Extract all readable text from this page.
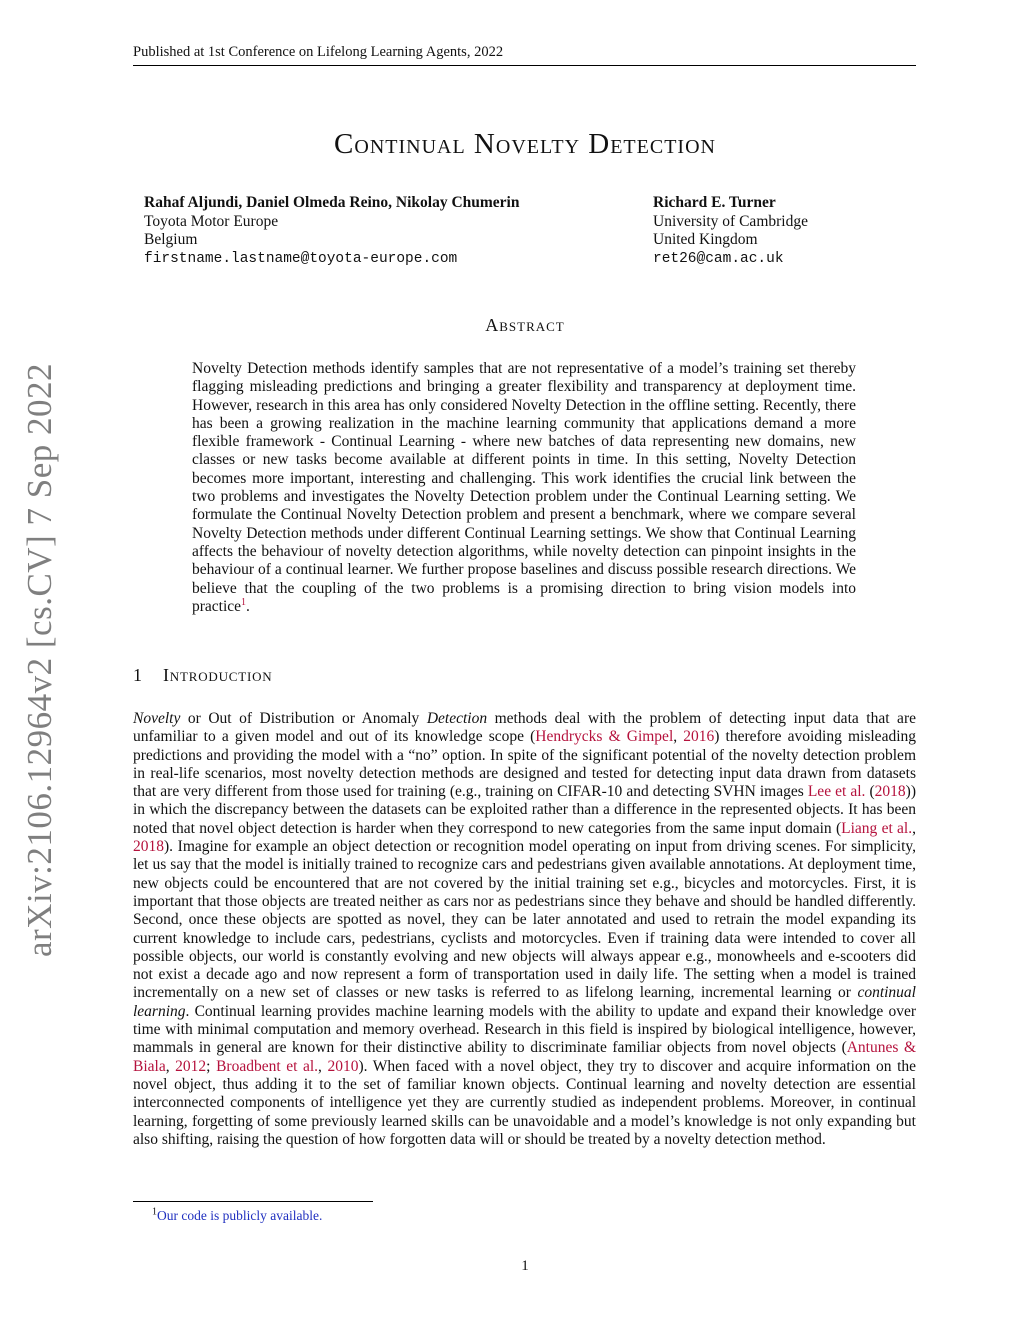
Published at 1st Conference on Lifelong Learning Agents, 2022
arXiv:2106.12964v2 [cs.CV] 7 Sep 2022
Continual Novelty Detection
Rahaf Aljundi, Daniel Olmeda Reino, Nikolay Chumerin
Toyota Motor Europe
Belgium
firstname.lastname@toyota-europe.com
Richard E. Turner
University of Cambridge
United Kingdom
ret26@cam.ac.uk
Abstract
Novelty Detection methods identify samples that are not representative of a model’s training set thereby flagging misleading predictions and bringing a greater flexibility and transparency at deployment time. However, research in this area has only considered Novelty Detection in the offline setting. Recently, there has been a growing realization in the machine learning community that applications demand a more flexible framework - Continual Learning - where new batches of data representing new domains, new classes or new tasks become available at different points in time. In this setting, Novelty Detection becomes more important, interesting and challenging. This work identifies the crucial link between the two problems and investigates the Novelty Detection problem under the Continual Learning setting. We formulate the Continual Novelty Detection problem and present a benchmark, where we compare several Novelty Detection methods under different Continual Learning settings. We show that Continual Learning affects the behaviour of novelty detection algorithms, while novelty detection can pinpoint insights in the behaviour of a continual learner. We further propose baselines and discuss possible research directions. We believe that the coupling of the two problems is a promising direction to bring vision models into practice$^1$.
1 Introduction
Novelty or Out of Distribution or Anomaly Detection methods deal with the problem of detecting input data that are unfamiliar to a given model and out of its knowledge scope (Hendrycks & Gimpel, 2016) therefore avoiding misleading predictions and providing the model with a “no” option. In spite of the significant potential of the novelty detection problem in real-life scenarios, most novelty detection methods are designed and tested for detecting input data drawn from datasets that are very different from those used for training (e.g., training on CIFAR-10 and detecting SVHN images Lee et al. (2018)) in which the discrepancy between the datasets can be exploited rather than a difference in the represented objects. It has been noted that novel object detection is harder when they correspond to new categories from the same input domain (Liang et al., 2018). Imagine for example an object detection or recognition model operating on input from driving scenes. For simplicity, let us say that the model is initially trained to recognize cars and pedestrians given available annotations. At deployment time, new objects could be encountered that are not covered by the initial training set e.g., bicycles and motorcycles. First, it is important that those objects are treated neither as cars nor as pedestrians since they behave and should be handled differently. Second, once these objects are spotted as novel, they can be later annotated and used to retrain the model expanding its current knowledge to include cars, pedestrians, cyclists and motorcycles. Even if training data were intended to cover all possible objects, our world is constantly evolving and new objects will always appear e.g., monowheels and e-scooters did not exist a decade ago and now represent a form of transportation used in daily life. The setting when a model is trained incrementally on a new set of classes or new tasks is referred to as lifelong learning, incremental learning or continual learning. Continual learning provides machine learning models with the ability to update and expand their knowledge over time with minimal computation and memory overhead. Research in this field is inspired by biological intelligence, however, mammals in general are known for their distinctive ability to discriminate familiar objects from novel objects (Antunes & Biala, 2012; Broadbent et al., 2010). When faced with a novel object, they try to discover and acquire information on the novel object, thus adding it to the set of familiar known objects. Continual learning and novelty detection are essential interconnected components of intelligence yet they are currently studied as independent problems. Moreover, in continual learning, forgetting of some previously learned skills can be unavoidable and a model’s knowledge is not only expanding but also shifting, raising the question of how forgotten data will or should be treated by a novelty detection method.
$^1$Our code is publicly available.
1
